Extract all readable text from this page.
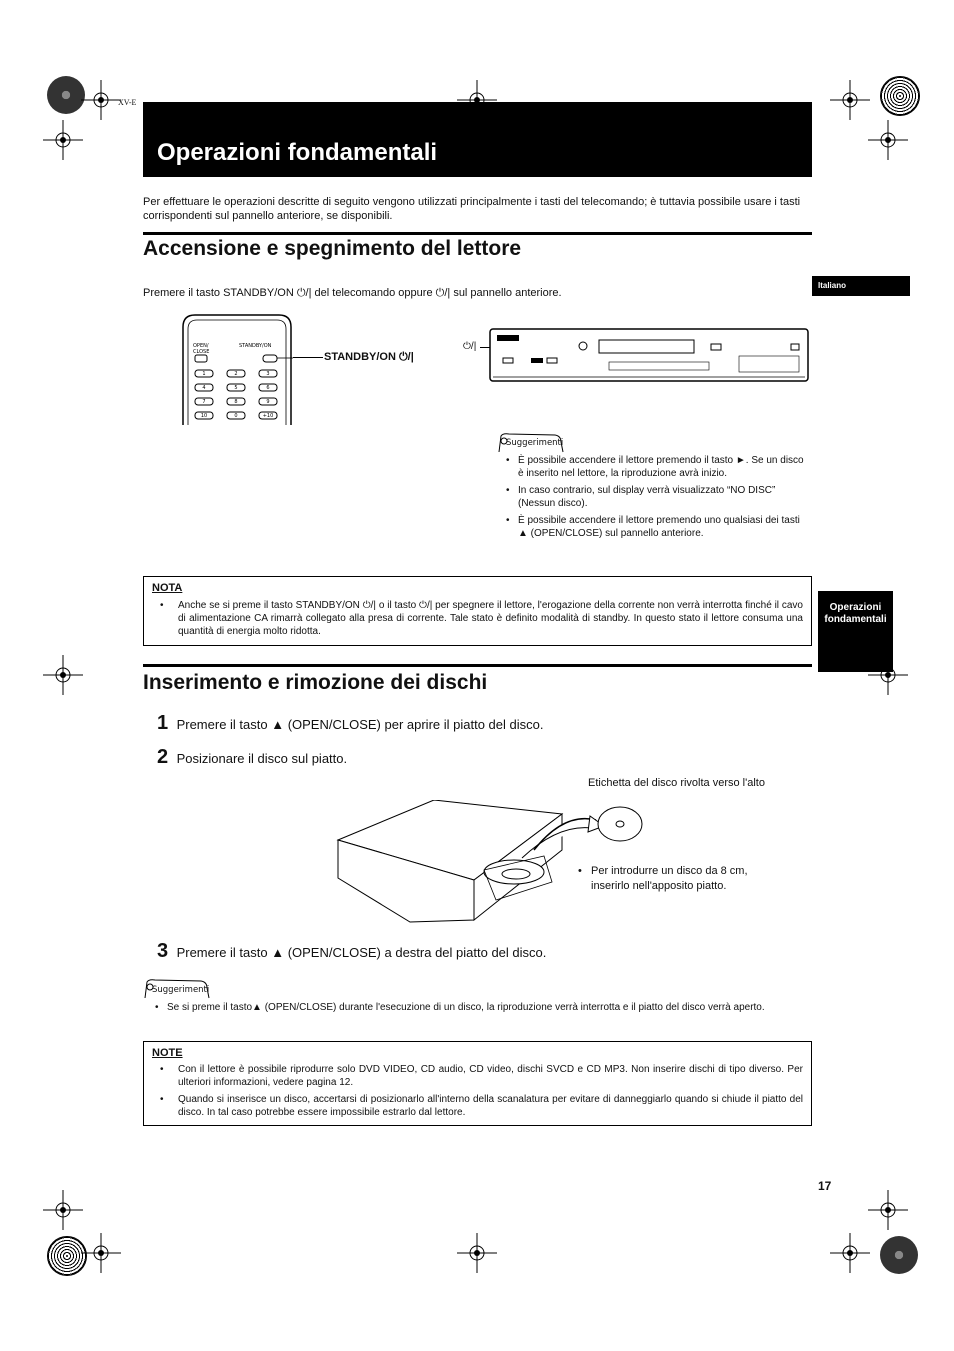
XV-E
Operazioni fondamentali
Per effettuare le operazioni descritte di seguito vengono utilizzati principalmente i tasti del telecomando; è tuttavia possibile usare i tasti corrispondenti sul pannello anteriore, se disponibili.
Italiano
Operazioni fondamentali
Accensione e spegnimento del lettore
Premere il tasto STANDBY/ON ⏻/| del telecomando oppure ⏻/| sul pannello anteriore.
OPEN/
CLOSE
STANDBY/ON
1	2	3
4	5	6
7	8	9
10	0	+10
STANDBY/ON ⏻/|
⏻/|
Suggerimenti
• È possibile accendere il lettore premendo il tasto ►. Se un disco è inserito nel lettore, la riproduzione avrà inizio.
• In caso contrario, sul display verrà visualizzato “NO DISC” (Nessun disco).
• È possibile accendere il lettore premendo uno qualsiasi dei tasti ▲ (OPEN/CLOSE) sul pannello anteriore.
NOTA
• Anche se si preme il tasto STANDBY/ON ⏻/| o il tasto ⏻/| per spegnere il lettore, l'erogazione della corrente non verrà interrotta finché il cavo di alimentazione CA rimarrà collegato alla presa di corrente. Tale stato è definito modalità di standby. In questo stato il lettore consuma una quantità di energia molto ridotta.
Inserimento e rimozione dei dischi
1 Premere il tasto ▲ (OPEN/CLOSE) per aprire il piatto del disco.
2 Posizionare il disco sul piatto.
Etichetta del disco rivolta verso l'alto
• Per introdurre un disco da 8 cm, inserirlo nell'apposito piatto.
3 Premere il tasto ▲ (OPEN/CLOSE) a destra del piatto del disco.
Suggerimenti
• Se si preme il tasto▲ (OPEN/CLOSE) durante l'esecuzione di un disco, la riproduzione verrà interrotta e il piatto del disco verrà aperto.
NOTE
• Con il lettore è possibile riprodurre solo DVD VIDEO, CD audio, CD video, dischi SVCD e CD MP3. Non inserire dischi di tipo diverso. Per ulteriori informazioni, vedere pagina 12.
• Quando si inserisce un disco, accertarsi di posizionarlo all'interno della scanalatura per evitare di danneggiarlo quando si chiude il piatto del disco. In tal caso potrebbe essere impossibile estrarlo dal lettore.
17
